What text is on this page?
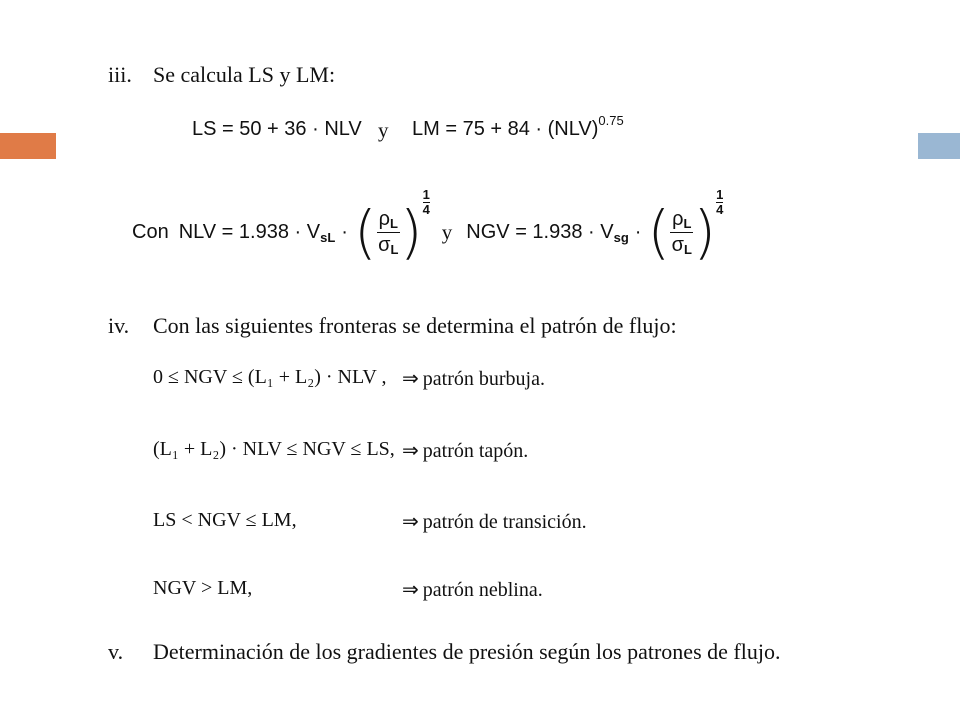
iii. Se calcula LS y LM:
LS = 50 + 36 · NLV y LM = 75 + 84 · (NLV)$^{0.75}$
Con NLV = 1.938 · V sL · ( $\frac{\rho L}{\sigma L}$ )
1
4
y NGV = 1.938 · V sg · ( $\frac{\rho L}{\sigma L}$ )
1
4
iv. Con las siguientes fronteras se determina el patrón de flujo:
0 ≤ NGV ≤ (L₁ + L₂) · NLV , ⇒ patrón burbuja.
(L₁ + L₂) · NLV ≤ NGV ≤ LS, ⇒ patrón tapón.
LS < NGV ≤ LM,	⇒ patrón de transición.
NGV > LM,	⇒ patrón neblina.
v. Determinación de los gradientes de presión según los patrones de flujo.
